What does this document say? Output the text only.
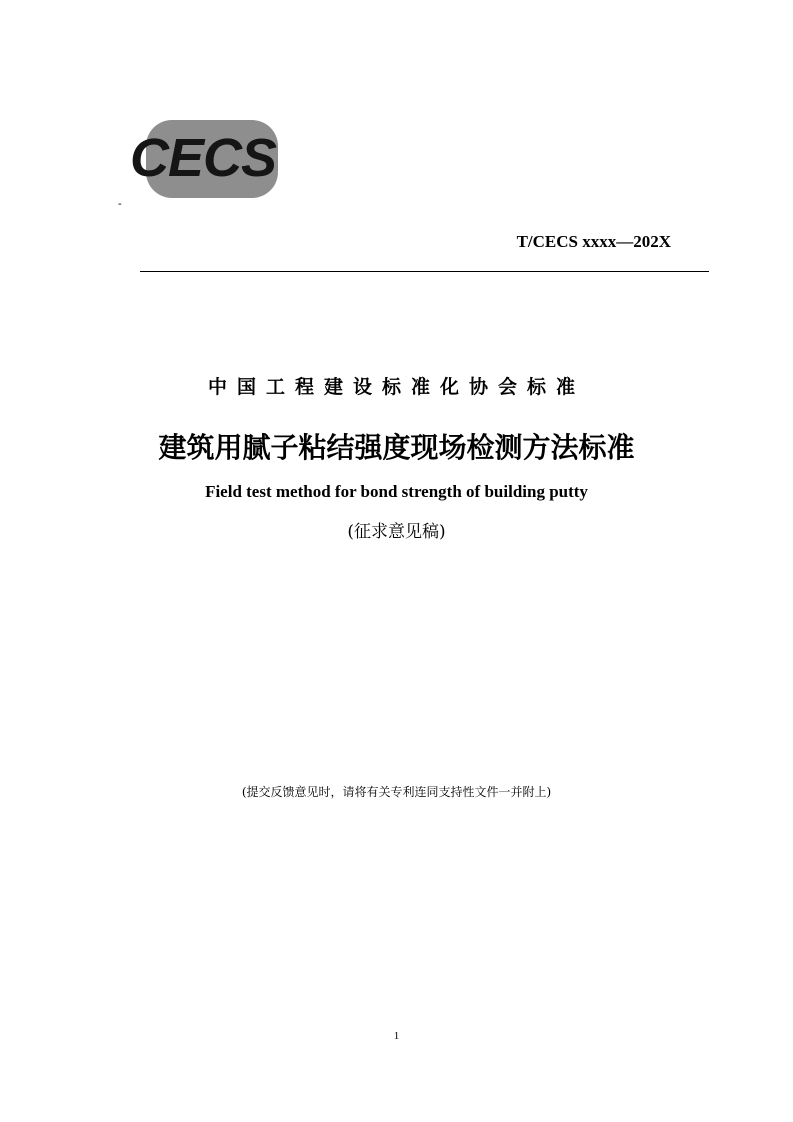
CECS
-
T/CECS xxxx—202X
中国工程建设标准化协会标准
建筑用腻子粘结强度现场检测方法标准
Field test method for bond strength of building putty
(征求意见稿)
(提交反馈意见时，请将有关专利连同支持性文件一并附上)
1
